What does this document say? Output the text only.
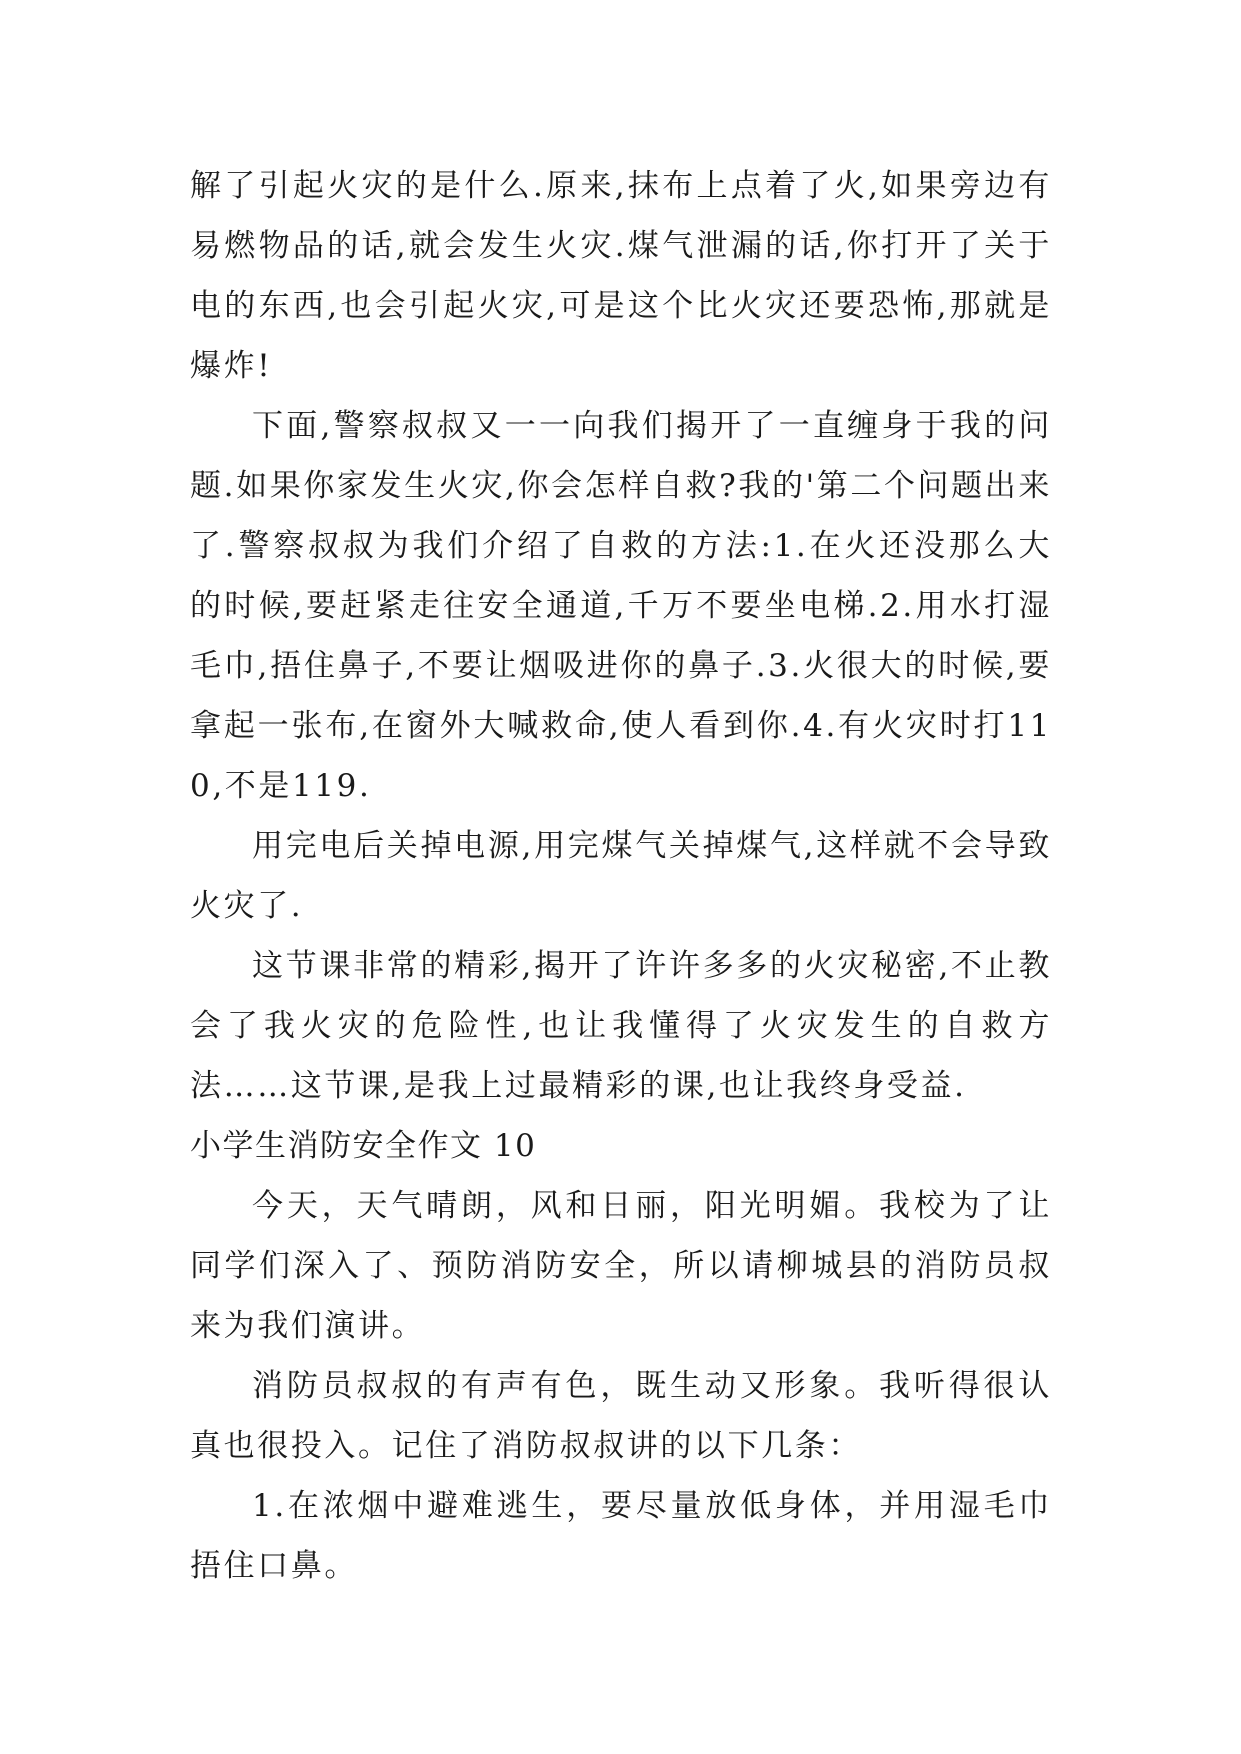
解了引起火灾的是什么.原来,抹布上点着了火,如果旁边有易燃物品的话,就会发生火灾.煤气泄漏的话,你打开了关于电的东西,也会引起火灾,可是这个比火灾还要恐怖,那就是爆炸!

下面,警察叔叔又一一向我们揭开了一直缠身于我的问题.如果你家发生火灾,你会怎样自救?我的'第二个问题出来了.警察叔叔为我们介绍了自救的方法:1.在火还没那么大的时候,要赶紧走往安全通道,千万不要坐电梯.2.用水打湿毛巾,捂住鼻子,不要让烟吸进你的鼻子.3.火很大的时候,要拿起一张布,在窗外大喊救命,使人看到你.4.有火灾时打110,不是119.

用完电后关掉电源,用完煤气关掉煤气,这样就不会导致火灾了.

这节课非常的精彩,揭开了许许多多的火灾秘密,不止教会了我火灾的危险性,也让我懂得了火灾发生的自救方法……这节课,是我上过最精彩的课,也让我终身受益.

小学生消防安全作文 10

今天，天气晴朗，风和日丽，阳光明媚。我校为了让同学们深入了、预防消防安全，所以请柳城县的消防员叔来为我们演讲。

消防员叔叔的有声有色，既生动又形象。我听得很认真也很投入。记住了消防叔叔讲的以下几条：

1.在浓烟中避难逃生，要尽量放低身体，并用湿毛巾捂住口鼻。
